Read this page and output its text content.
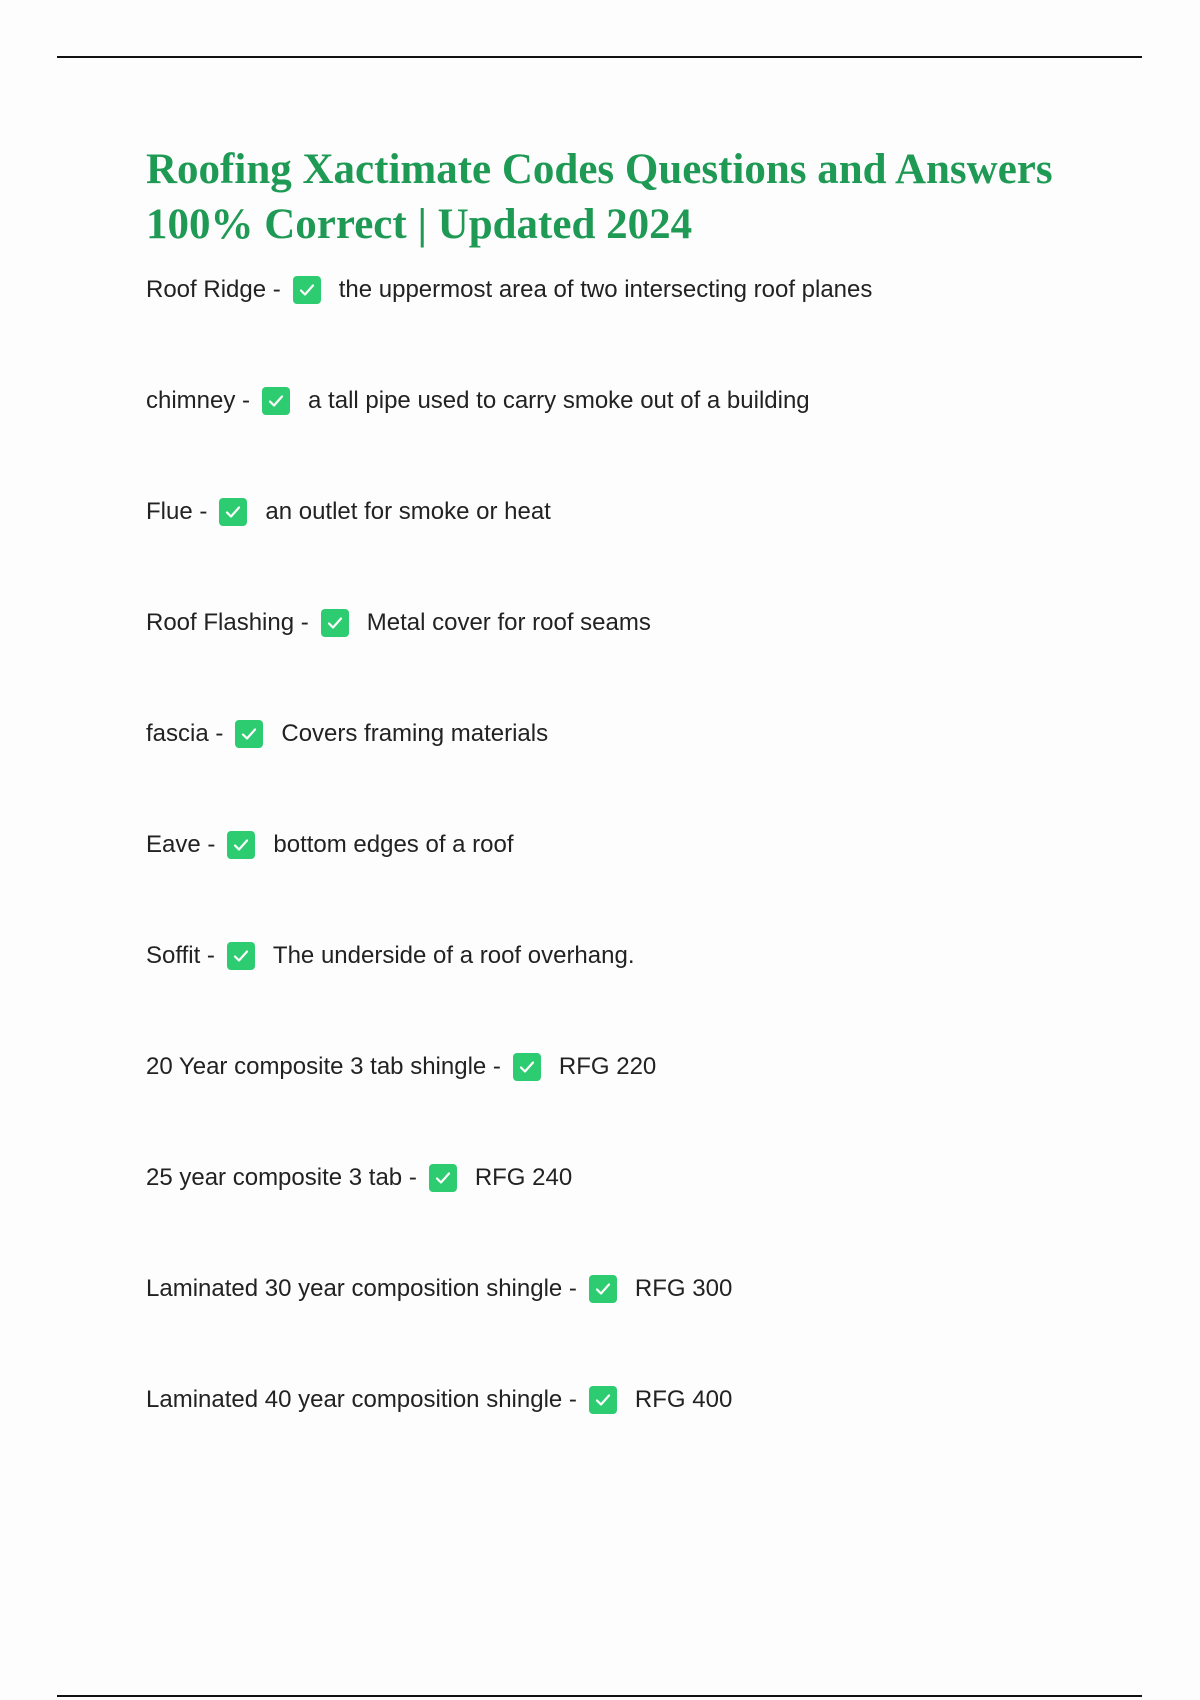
Roofing Xactimate Codes Questions and Answers 100% Correct | Updated 2024
Roof Ridge - the uppermost area of two intersecting roof planes
chimney - a tall pipe used to carry smoke out of a building
Flue - an outlet for smoke or heat
Roof Flashing - Metal cover for roof seams
fascia - Covers framing materials
Eave - bottom edges of a roof
Soffit - The underside of a roof overhang.
20 Year composite 3 tab shingle - RFG 220
25 year composite 3 tab - RFG 240
Laminated 30 year composition shingle - RFG 300
Laminated 40 year composition shingle - RFG 400
